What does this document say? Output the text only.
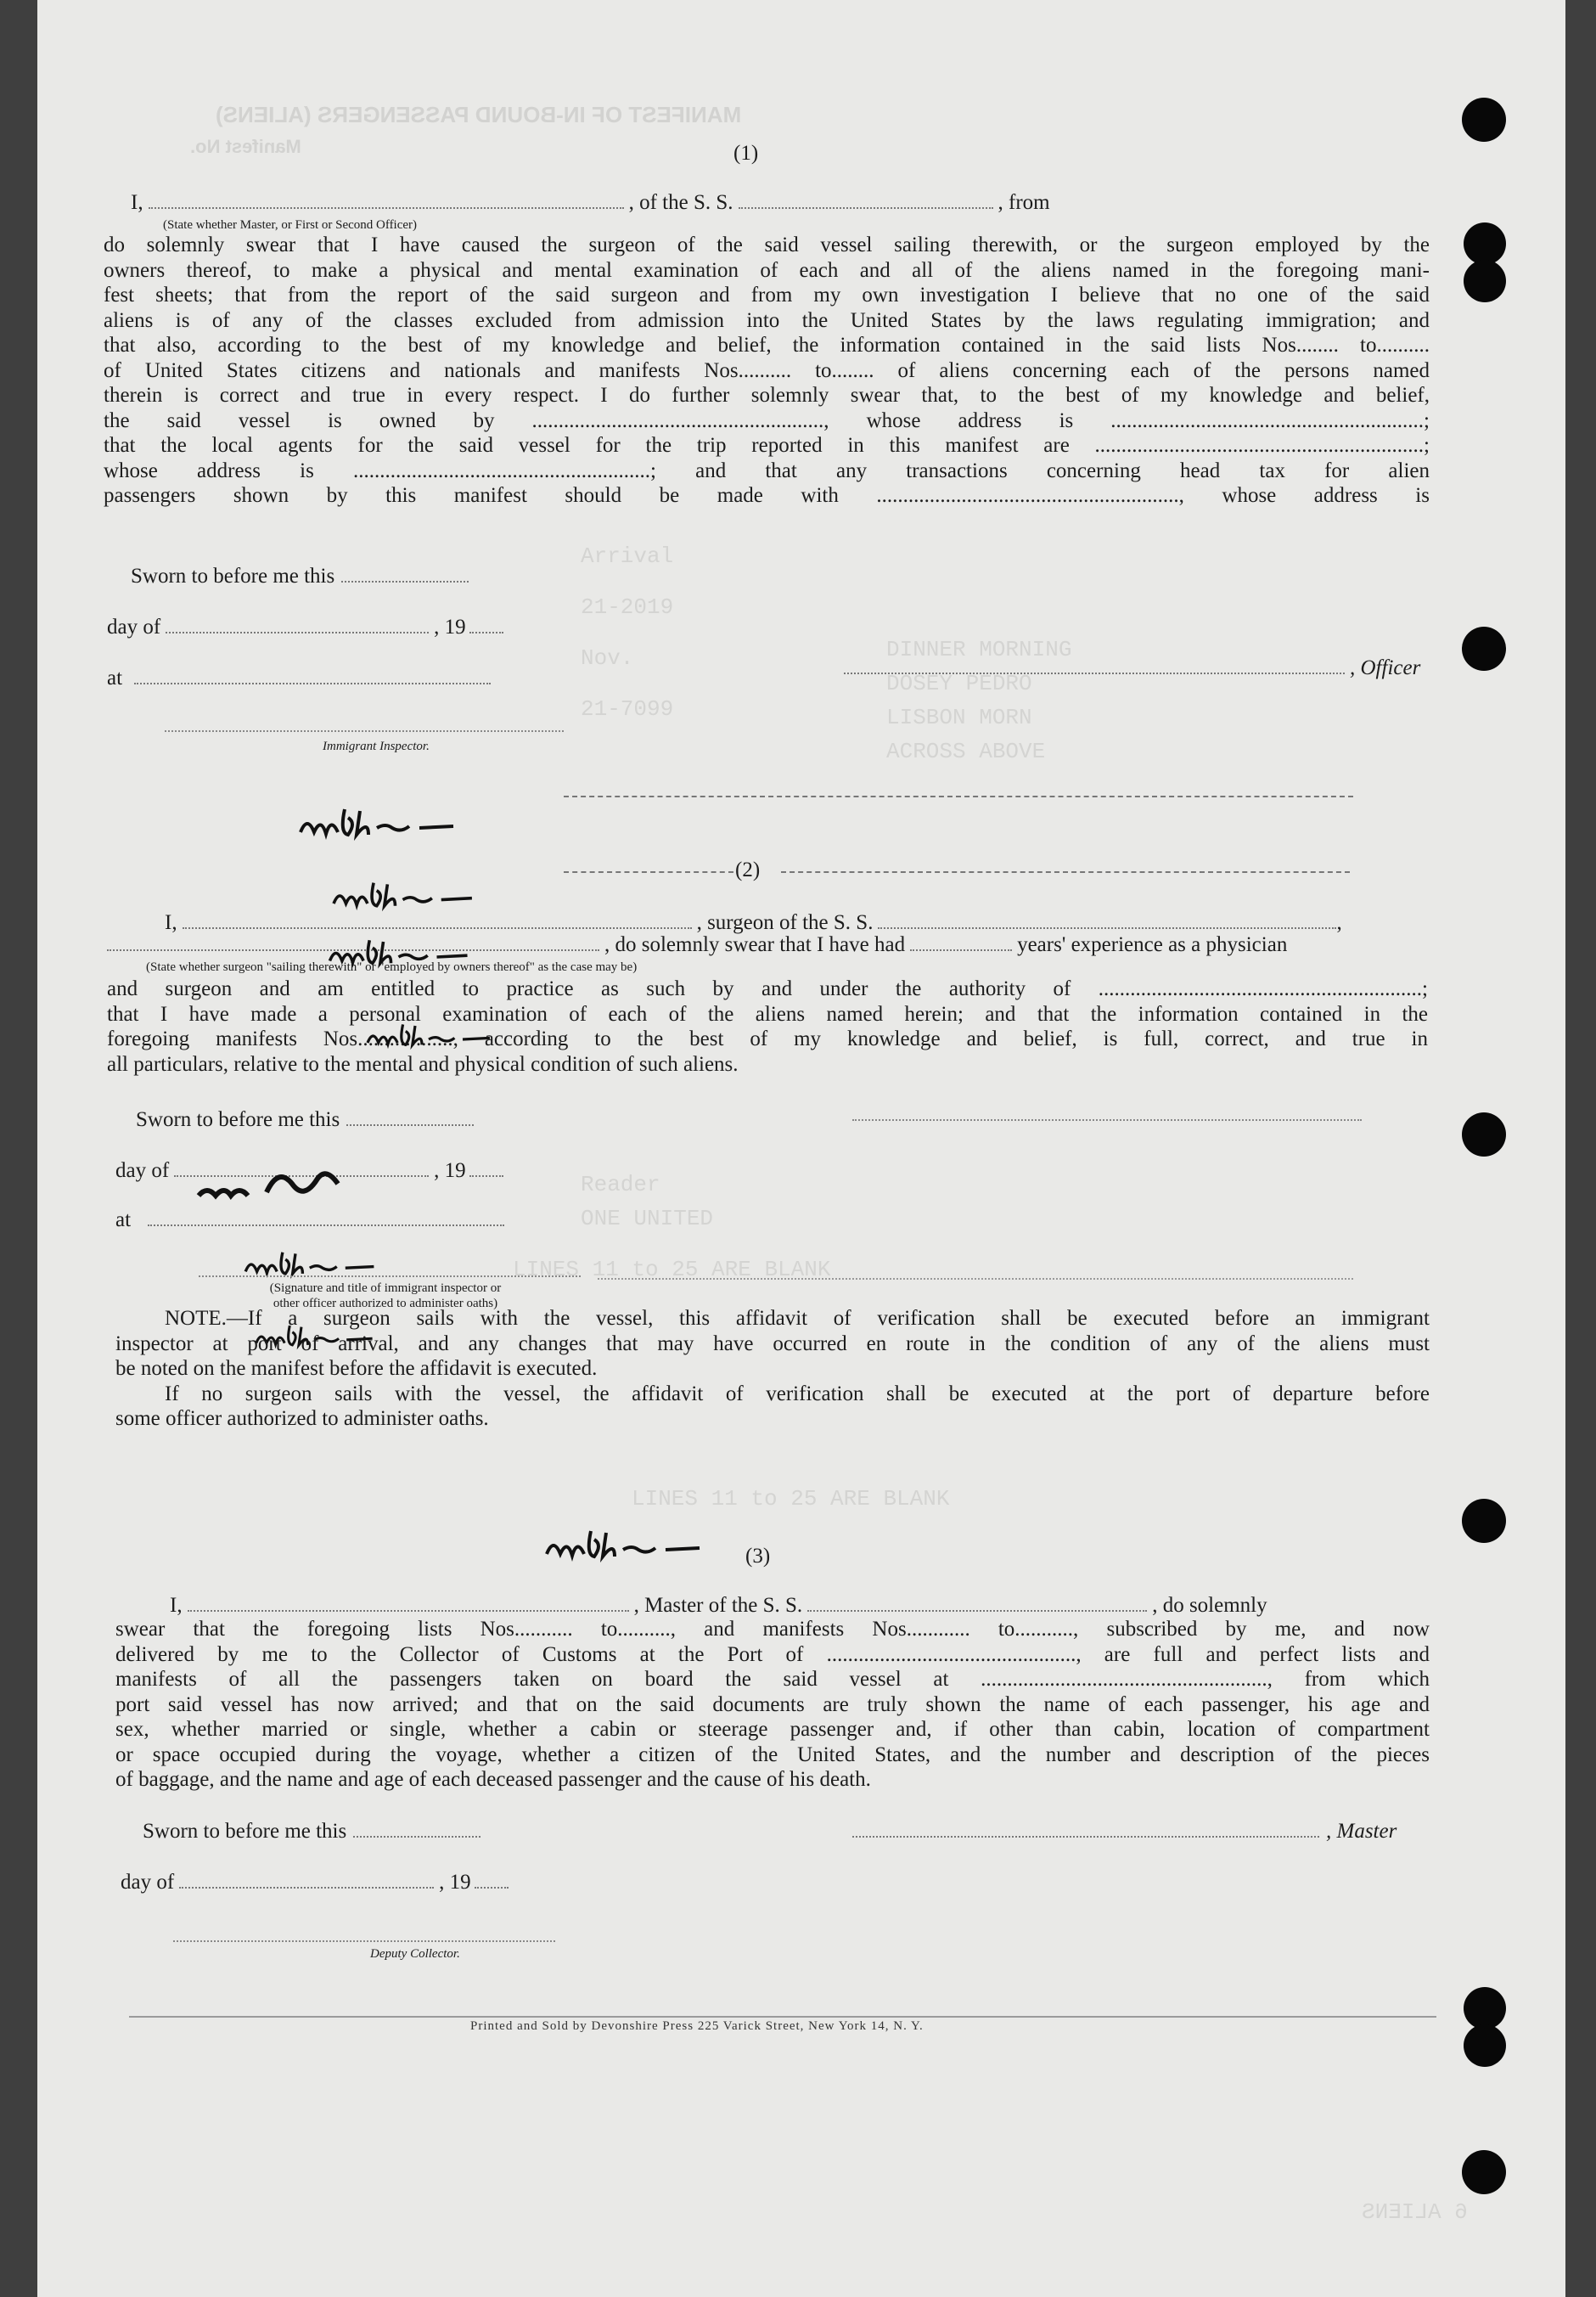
MANIFEST OF IN-BOUND PASSENGERS (ALIENS)
Manifest No.
Arrival
21-2019
Nov.
21-7099
DINNER MORNING
DOSEY PEDRO
LISBON MORN
ACROSS ABOVE
Reader
ONE UNITED
LINES 11 to 25 ARE BLANK
LINES 11 to 25 ARE BLANK
6 ALIENS
(1)
I,	, of the S. S.	, from
(State whether Master, or First or Second Officer)
do solemnly swear that I have caused the surgeon of the said vessel sailing therewith, or the surgeon employed by the
owners thereof, to make a physical and mental examination of each and all of the aliens named in the foregoing mani-
fest sheets; that from the report of the said surgeon and from my own investigation I believe that no one of the said
aliens is of any of the classes excluded from admission into the United States by the laws regulating immigration; and
that also, according to the best of my knowledge and belief, the information contained in the said lists Nos........ to..........
of United States citizens and nationals and manifests Nos.......... to........ of aliens concerning each of the persons named
therein is correct and true in every respect. I do further solemnly swear that, to the best of my knowledge and belief,
the said vessel is owned by ......................................................., whose address is ...........................................................;
that the local agents for the said vessel for the trip reported in this manifest are ..............................................................;
whose address is ........................................................; and that any transactions concerning head tax for alien
passengers shown by this manifest should be made with ........................................................., whose address is
Sworn to before me this
day of	, 19
at	, Officer
Immigrant Inspector.
(2)
I,	, surgeon of the S. S.	,
, do solemnly swear that I have had	years' experience as a physician
(State whether surgeon "sailing therewith" or "employed by owners thereof" as the case may be)
and surgeon and am entitled to practice as such by and under the authority of .............................................................;
that I have made a personal examination of each of the aliens named herein; and that the information contained in the
foregoing manifests Nos.................., according to the best of my knowledge and belief, is full, correct, and true in
all particulars, relative to the mental and physical condition of such aliens.
Sworn to before me this
day of	, 19
at
(Signature and title of immigrant inspector or
other officer authorized to administer oaths)
NOTE.—If a surgeon sails with the vessel, this affidavit of verification shall be executed before an immigrant
inspector at port of arrival, and any changes that may have occurred en route in the condition of any of the aliens must
be noted on the manifest before the affidavit is executed.
If no surgeon sails with the vessel, the affidavit of verification shall be executed at the port of departure before
some officer authorized to administer oaths.
(3)
I,	, Master of the S. S.	, do solemnly
swear that the foregoing lists Nos........... to.........., and manifests Nos............ to..........., subscribed by me, and now
delivered by me to the Collector of Customs at the Port of ..............................................., are full and perfect lists and
manifests of all the passengers taken on board the said vessel at ......................................................, from which
port said vessel has now arrived; and that on the said documents are truly shown the name of each passenger, his age and
sex, whether married or single, whether a cabin or steerage passenger and, if other than cabin, location of compartment
or space occupied during the voyage, whether a citizen of the United States, and the number and description of the pieces
of baggage, and the name and age of each deceased passenger and the cause of his death.
Sworn to before me this	, Master
day of	, 19
Deputy Collector.
Printed and Sold by Devonshire Press 225 Varick Street, New York 14, N. Y.
